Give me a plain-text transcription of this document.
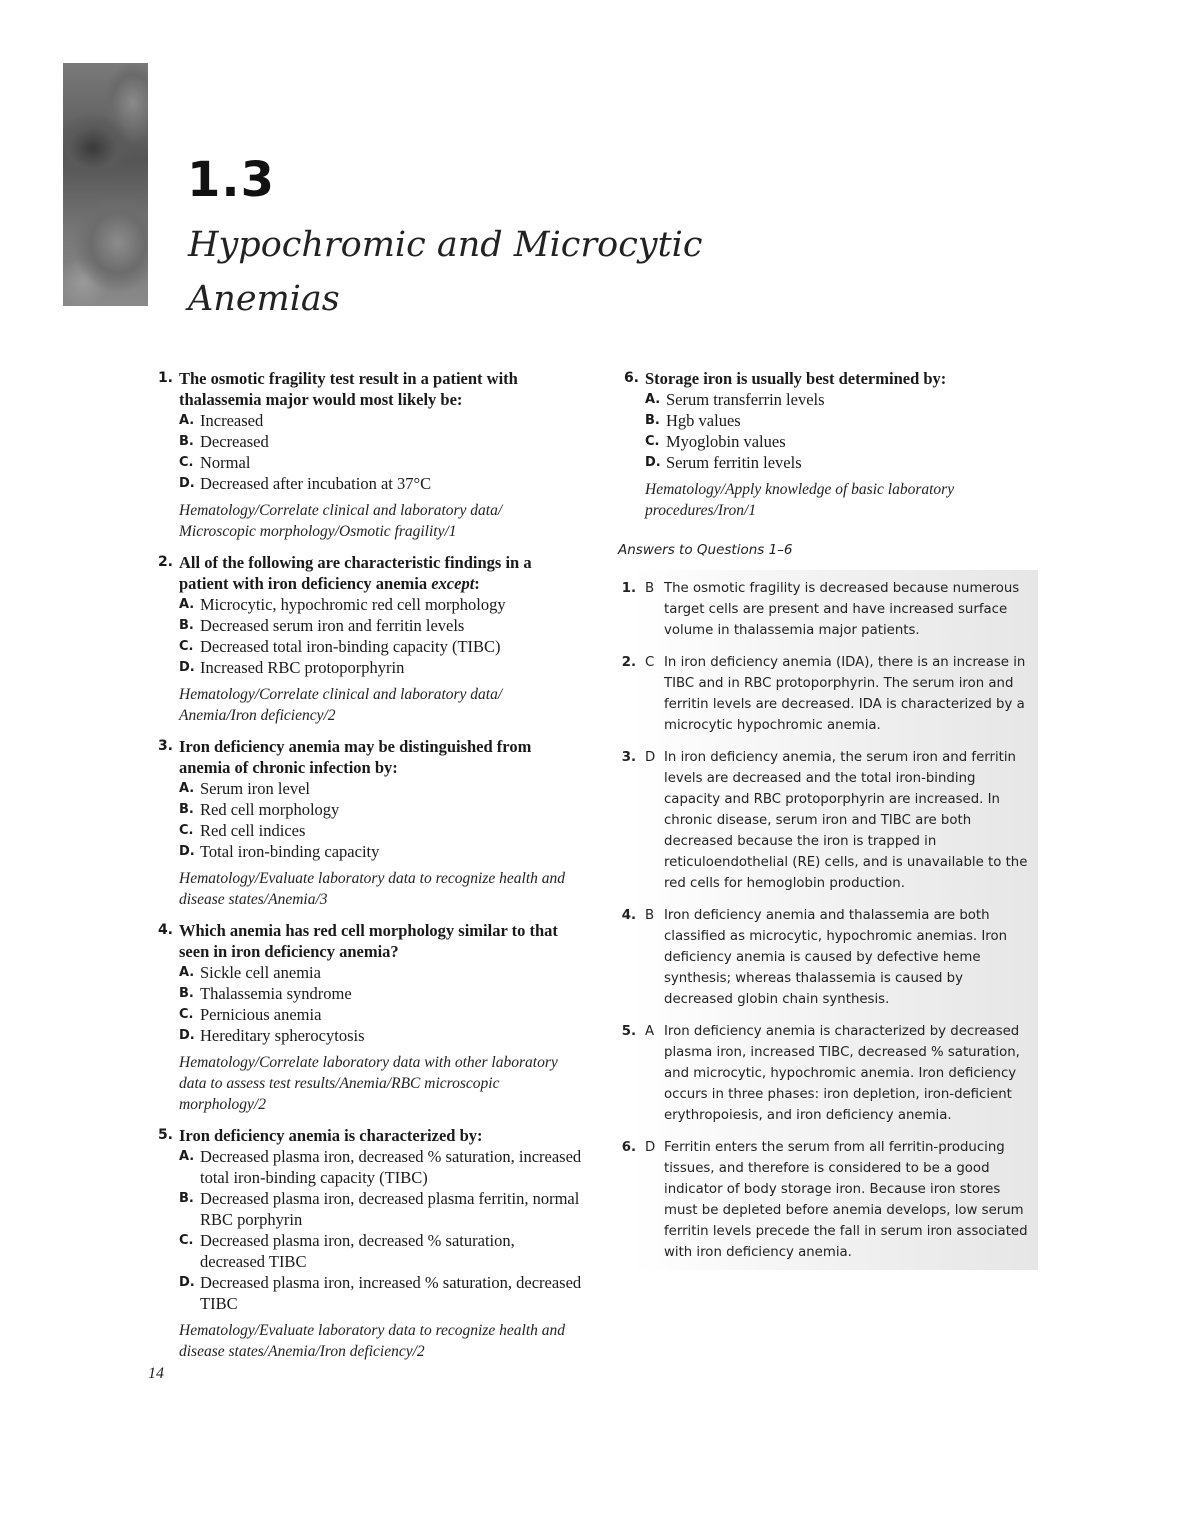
1.3
Hypochromic and Microcytic Anemias
1. The osmotic fragility test result in a patient with thalassemia major would most likely be:
A. Increased
B. Decreased
C. Normal
D. Decreased after incubation at 37°C
Hematology/Correlate clinical and laboratory data/ Microscopic morphology/Osmotic fragility/1
2. All of the following are characteristic findings in a patient with iron deficiency anemia except:
A. Microcytic, hypochromic red cell morphology
B. Decreased serum iron and ferritin levels
C. Decreased total iron-binding capacity (TIBC)
D. Increased RBC protoporphyrin
Hematology/Correlate clinical and laboratory data/ Anemia/Iron deficiency/2
3. Iron deficiency anemia may be distinguished from anemia of chronic infection by:
A. Serum iron level
B. Red cell morphology
C. Red cell indices
D. Total iron-binding capacity
Hematology/Evaluate laboratory data to recognize health and disease states/Anemia/3
4. Which anemia has red cell morphology similar to that seen in iron deficiency anemia?
A. Sickle cell anemia
B. Thalassemia syndrome
C. Pernicious anemia
D. Hereditary spherocytosis
Hematology/Correlate laboratory data with other laboratory data to assess test results/Anemia/RBC microscopic morphology/2
5. Iron deficiency anemia is characterized by:
A. Decreased plasma iron, decreased % saturation, increased total iron-binding capacity (TIBC)
B. Decreased plasma iron, decreased plasma ferritin, normal RBC porphyrin
C. Decreased plasma iron, decreased % saturation, decreased TIBC
D. Decreased plasma iron, increased % saturation, decreased TIBC
Hematology/Evaluate laboratory data to recognize health and disease states/Anemia/Iron deficiency/2
6. Storage iron is usually best determined by:
A. Serum transferrin levels
B. Hgb values
C. Myoglobin values
D. Serum ferritin levels
Hematology/Apply knowledge of basic laboratory procedures/Iron/1
Answers to Questions 1–6
1. B The osmotic fragility is decreased because numerous target cells are present and have increased surface volume in thalassemia major patients.
2. C In iron deficiency anemia (IDA), there is an increase in TIBC and in RBC protoporphyrin. The serum iron and ferritin levels are decreased. IDA is characterized by a microcytic hypochromic anemia.
3. D In iron deficiency anemia, the serum iron and ferritin levels are decreased and the total iron-binding capacity and RBC protoporphyrin are increased. In chronic disease, serum iron and TIBC are both decreased because the iron is trapped in reticuloendothelial (RE) cells, and is unavailable to the red cells for hemoglobin production.
4. B Iron deficiency anemia and thalassemia are both classified as microcytic, hypochromic anemias. Iron deficiency anemia is caused by defective heme synthesis; whereas thalassemia is caused by decreased globin chain synthesis.
5. A Iron deficiency anemia is characterized by decreased plasma iron, increased TIBC, decreased % saturation, and microcytic, hypochromic anemia. Iron deficiency occurs in three phases: iron depletion, iron-deficient erythropoiesis, and iron deficiency anemia.
6. D Ferritin enters the serum from all ferritin-producing tissues, and therefore is considered to be a good indicator of body storage iron. Because iron stores must be depleted before anemia develops, low serum ferritin levels precede the fall in serum iron associated with iron deficiency anemia.
14
